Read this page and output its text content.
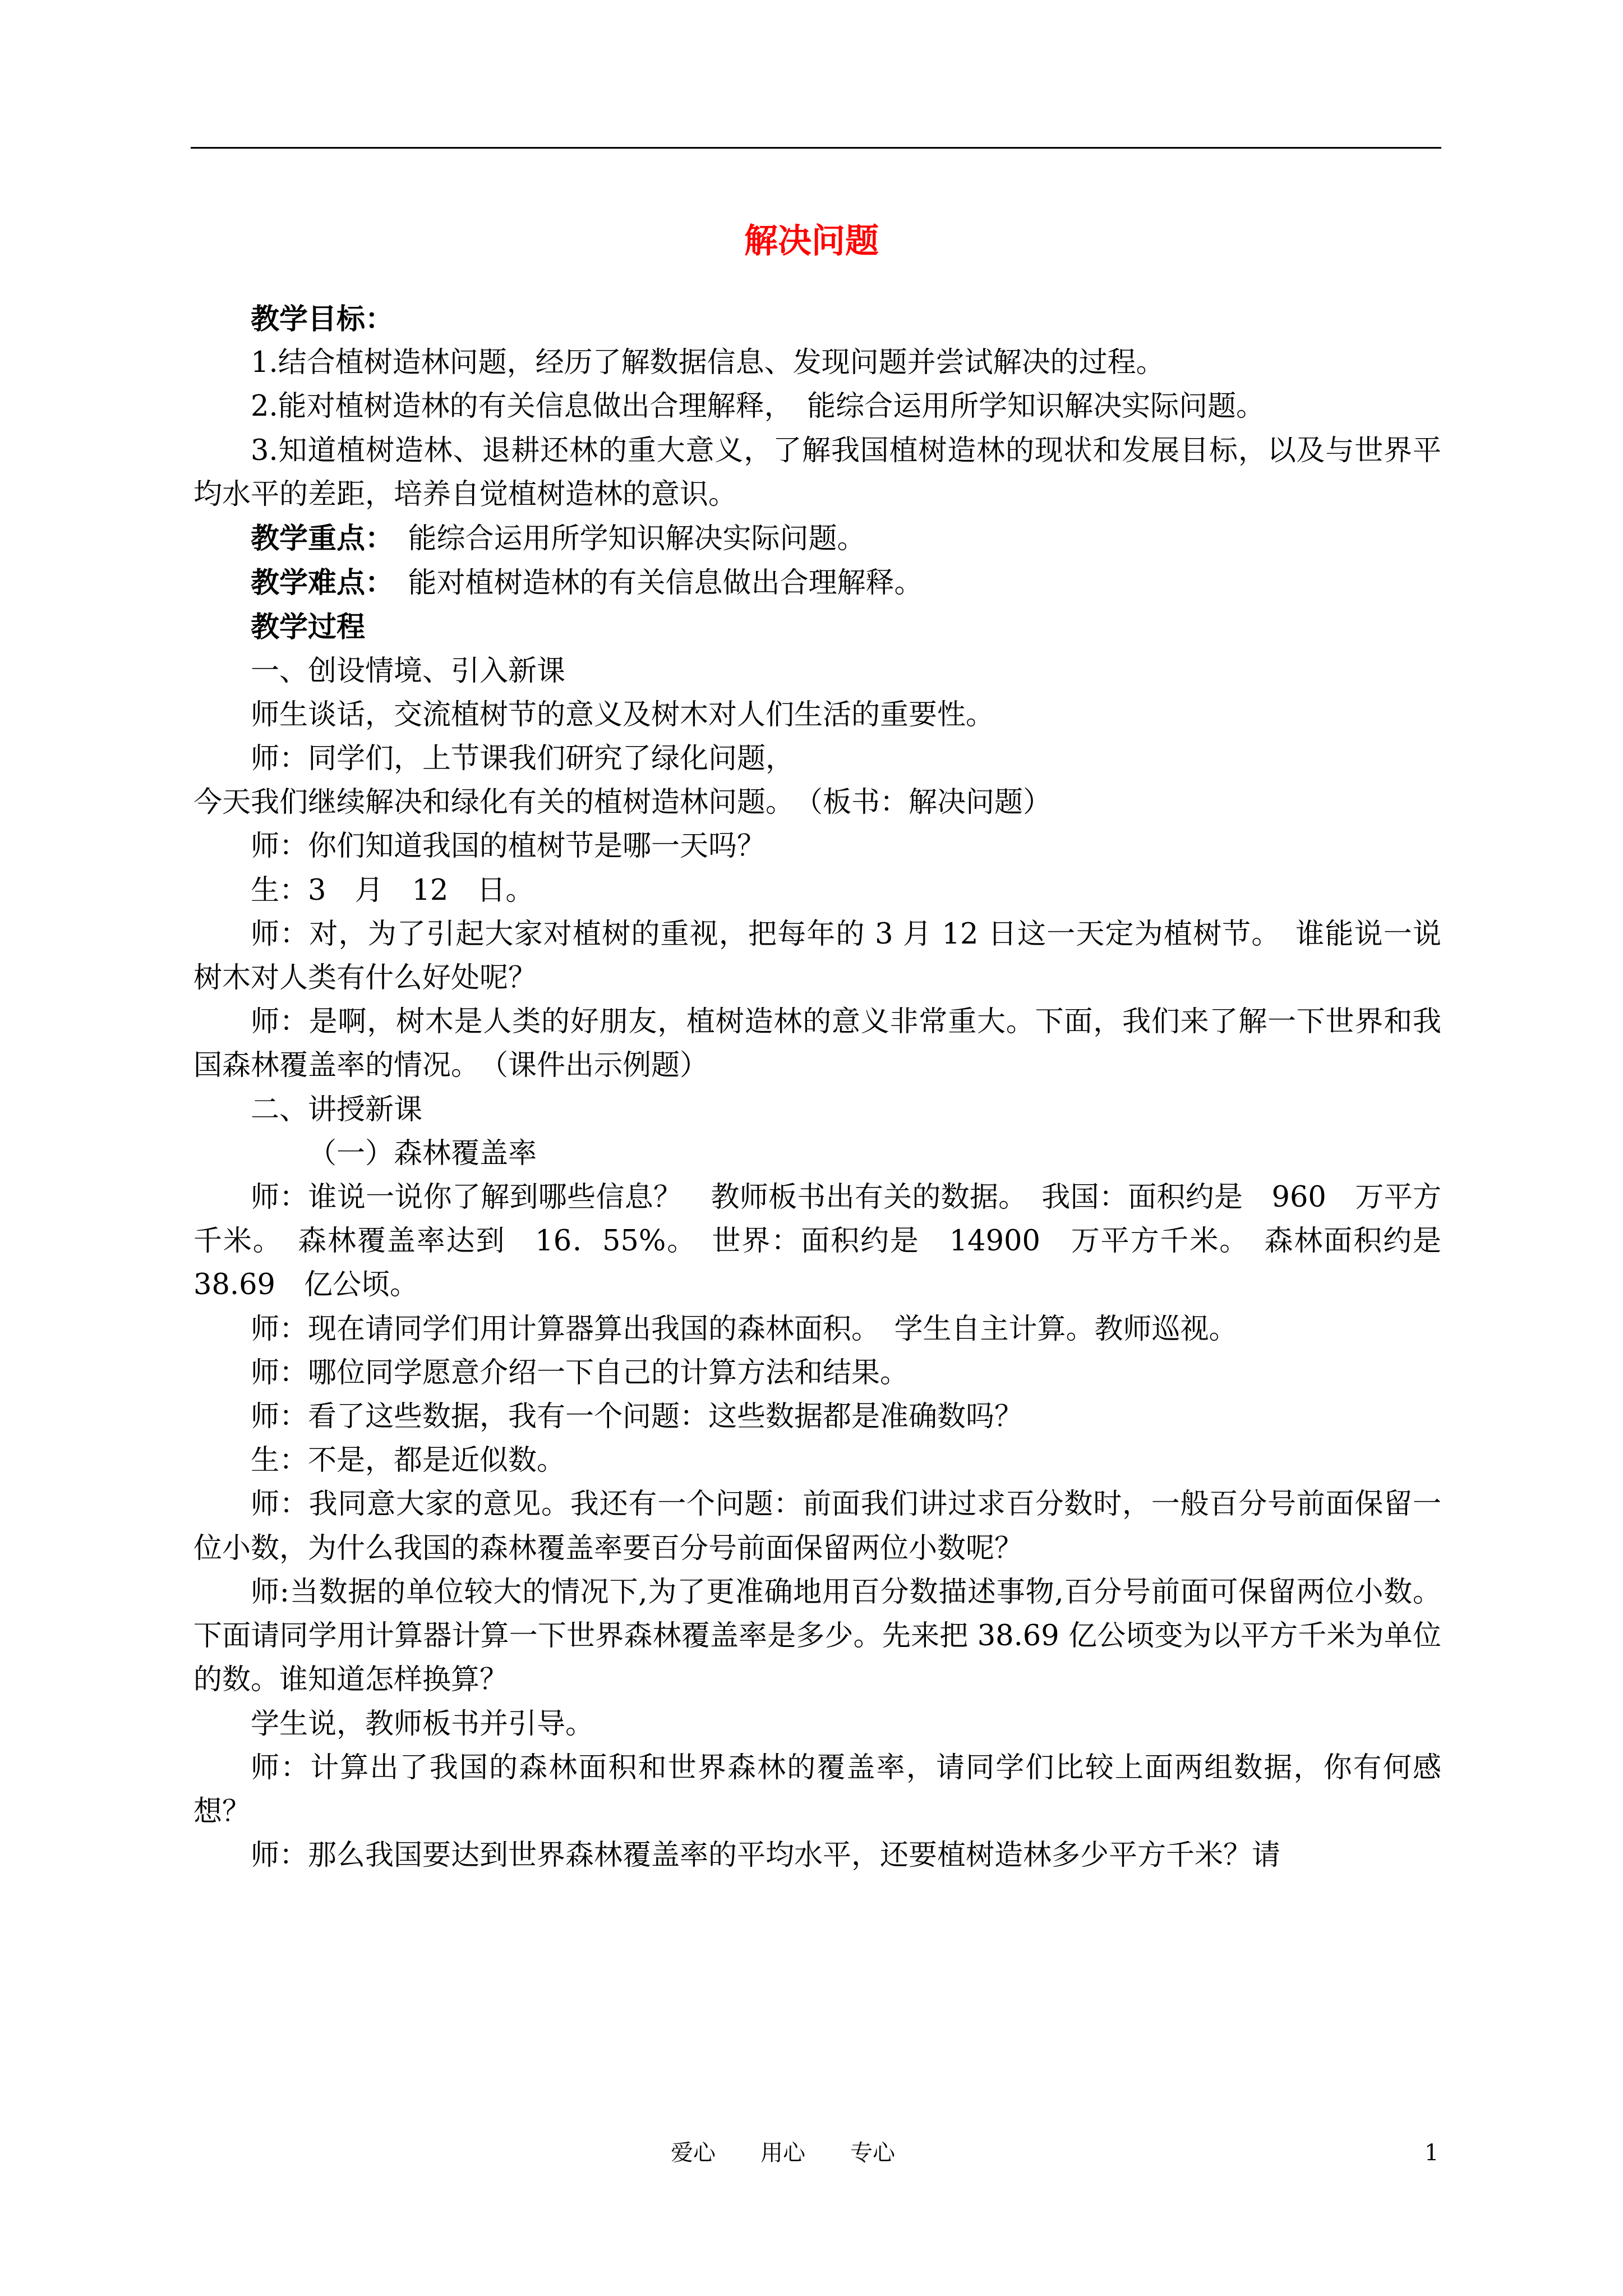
解决问题

教学目标：

1.结合植树造林问题，经历了解数据信息、发现问题并尝试解决的过程。

2.能对植树造林的有关信息做出合理解释，　能综合运用所学知识解决实际问题。

3.知道植树造林、退耕还林的重大意义，了解我国植树造林的现状和发展目标，以及与世界平均水平的差距，培养自觉植树造林的意识。

教学重点：　能综合运用所学知识解决实际问题。

教学难点：　能对植树造林的有关信息做出合理解释。

教学过程

一、创设情境、引入新课

师生谈话，交流植树节的意义及树木对人们生活的重要性。

师：同学们，上节课我们研究了绿化问题，

今天我们继续解决和绿化有关的植树造林问题。　（板书：解决问题）

师：你们知道我国的植树节是哪一天吗？

生：3　月　12　日。

师：对，为了引起大家对植树的重视，把每年的 3 月 12 日这一天定为植树节。　谁能说一说树木对人类有什么好处呢？

师：是啊，树木是人类的好朋友，植树造林的意义非常重大。下面，我们来了解一下世界和我国森林覆盖率的情况。　（课件出示例题）

二、讲授新课

（一）森林覆盖率

师：谁说一说你了解到哪些信息？　教师板书出有关的数据。　我国：面积约是　960　万平方千米。　森林覆盖率达到　16．55%。　世界：面积约是　14900　万平方千米。　森林面积约是　38.69　亿公顷。

师：现在请同学们用计算器算出我国的森林面积。　学生自主计算。教师巡视。

师：哪位同学愿意介绍一下自己的计算方法和结果。

师：看了这些数据，我有一个问题：这些数据都是准确数吗？

生：不是，都是近似数。

师：我同意大家的意见。我还有一个问题：前面我们讲过求百分数时，一般百分号前面保留一位小数，为什么我国的森林覆盖率要百分号前面保留两位小数呢？

师:当数据的单位较大的情况下,为了更准确地用百分数描述事物,百分号前面可保留两位小数。下面请同学用计算器计算一下世界森林覆盖率是多少。先来把 38.69 亿公顷变为以平方千米为单位的数。谁知道怎样换算？

学生说，教师板书并引导。

师：计算出了我国的森林面积和世界森林的覆盖率，请同学们比较上面两组数据，你有何感想？

师：那么我国要达到世界森林覆盖率的平均水平，还要植树造林多少平方千米？请

爱心　　用心　　专心	1
